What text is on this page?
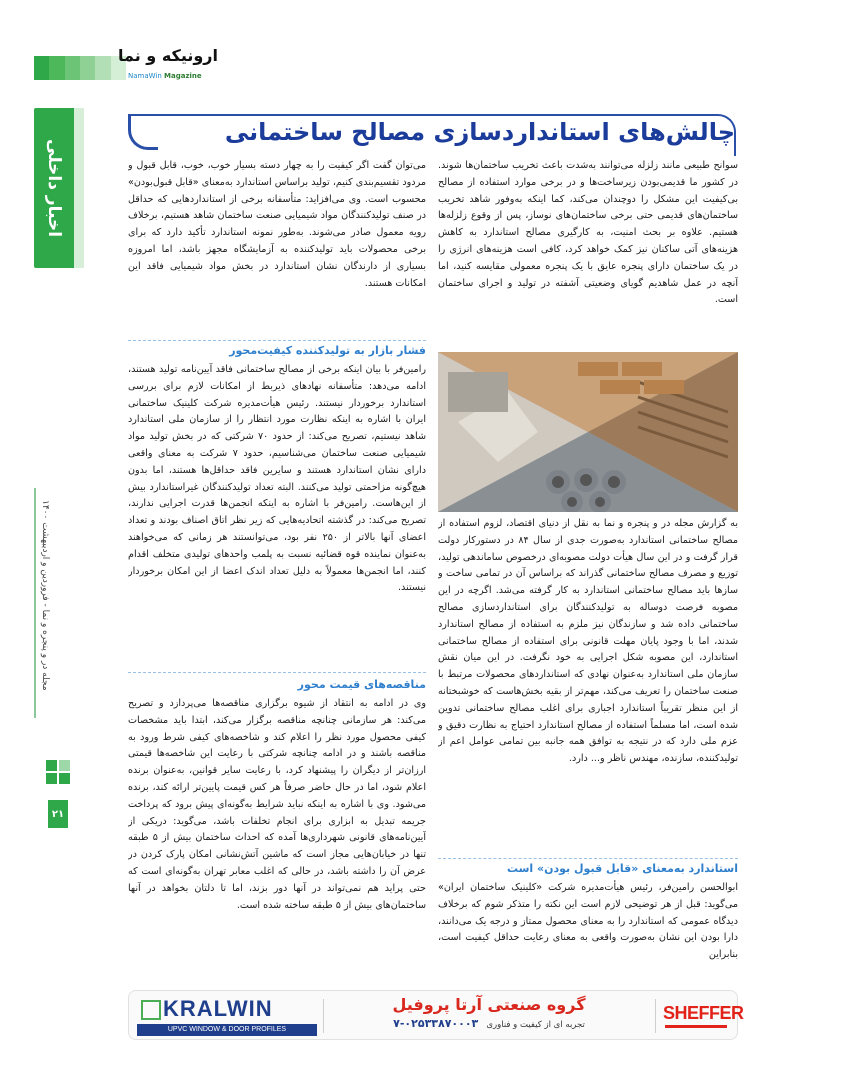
ارونیکه و نما
NamaWin Magazine
اخبار داخلی
مجله در و پنجره و نما - فروردین و اردیبهشت ۱۴۰۰
۲۱
چالش‌های استانداردسازی مصالح ساختمانی

سوانح طبیعی مانند زلزله می‌توانند به‌شدت باعث تخریب ساختمان‌ها شوند. در کشور ما قدیمی‌بودن زیرساخت‌ها و در برخی موارد استفاده از مصالح بی‌کیفیت این مشکل را دوچندان می‌کند، کما اینکه به‌وفور شاهد تخریب ساختمان‌های قدیمی حتی برخی ساختمان‌های نوساز، پس از وقوع زلزله‌ها هستیم. علاوه بر بحث امنیت، به کارگیری مصالح استاندارد به کاهش هزینه‌های آتی ساکنان نیز کمک خواهد کرد، کافی است هزینه‌های انرژی را در یک ساختمان دارای پنجره عایق با یک پنجره معمولی مقایسه کنید، اما آنچه در عمل شاهدیم گویای وضعیتی آشفته در تولید و اجرای ساختمان است.

به گزارش مجله در و پنجره و نما به نقل از دنیای اقتصاد، لزوم استفاده از مصالح ساختمانی استاندارد به‌صورت جدی از سال ۸۴ در دستورکار دولت قرار گرفت و در این سال هیأت دولت مصوبه‌ای درخصوص ساماندهی تولید، توزیع و مصرف مصالح ساختمانی گذراند که براساس آن در تمامی ساخت و سازها باید مصالح ساختمانی استاندارد به کار گرفته می‌شد. اگرچه در این مصوبه فرصت دوساله به تولیدکنندگان برای استانداردسازی مصالح ساختمانی داده شد و سازندگان نیز ملزم به استفاده از مصالح استاندارد شدند، اما با وجود پایان مهلت قانونی برای استفاده از مصالح ساختمانی استاندارد، این مصوبه شکل اجرایی به خود نگرفت. در این میان نقش سازمان ملی استاندارد به‌عنوان نهادی که استانداردهای محصولات مرتبط با صنعت ساختمان را تعریف می‌کند، مهم‌تر از بقیه بخش‌هاست که خوشبختانه از این منظر تقریباً استاندارد اجباری برای اغلب مصالح ساختمانی تدوین شده است، اما مسلماً استفاده از مصالح استاندارد احتیاج به نظارت دقیق و عزم ملی دارد که در نتیجه به توافق همه جانبه بین تمامی عوامل اعم از تولیدکننده، سازنده، مهندس ناظر و... دارد.

استاندارد به‌معنای «قابل قبول بودن» است

ابوالحسن رامین‌فر، رئیس هیأت‌مدیره شرکت «کلینیک ساختمان ایران» می‌گوید: قبل از هر توضیحی لازم است این نکته را متذکر شوم که برخلاف دیدگاه عمومی که استاندارد را به معنای محصول ممتاز و درجه یک می‌دانند، دارا بودن این نشان به‌صورت واقعی به معنای رعایت حداقل کیفیت است، بنابراین

می‌توان گفت اگر کیفیت را به چهار دسته بسیار خوب، خوب، قابل قبول و مردود تقسیم‌بندی کنیم، تولید براساس استاندارد به‌معنای «قابل قبول‌بودن» محسوب است. وی می‌افزاید: متأسفانه برخی از استانداردهایی که حداقل در صنف تولیدکنندگان مواد شیمیایی صنعت ساختمان شاهد هستیم، برخلاف رویه معمول صادر می‌شوند. به‌طور نمونه استاندارد تأکید دارد که برای برخی محصولات باید تولیدکننده به آزمایشگاه مجهز باشد، اما امروزه بسیاری از دارندگان نشان استاندارد در بخش مواد شیمیایی فاقد این امکانات هستند.

فشار بازار به تولیدکننده کیفیت‌محور

رامین‌فر با بیان اینکه برخی از مصالح ساختمانی فاقد آیین‌نامه تولید هستند، ادامه می‌دهد: متأسفانه نهادهای ذیربط از امکانات لازم برای بررسی استاندارد برخوردار نیستند. رئیس هیأت‌مدیره شرکت کلینیک ساختمانی ایران با اشاره به اینکه نظارت مورد انتظار را از سازمان ملی استاندارد شاهد نیستیم، تصریح می‌کند: از حدود ۷۰ شرکتی که در بخش تولید مواد شیمیایی صنعت ساختمان می‌شناسیم، حدود ۷ شرکت به معنای واقعی دارای نشان استاندارد هستند و سایرین فاقد حداقل‌ها هستند، اما بدون هیچ‌گونه مزاحمتی تولید می‌کنند. البته تعداد تولیدکنندگان غیراستاندارد بیش از این‌هاست. رامین‌فر با اشاره به اینکه انجمن‌ها قدرت اجرایی ندارند، تصریح می‌کند: در گذشته اتحادیه‌هایی که زیر نظر اتاق اصناف بودند و تعداد اعضای آنها بالاتر از ۲۵۰ نفر بود، می‌توانستند هر زمانی که می‌خواهند به‌عنوان نماینده قوه قضائیه نسبت به پلمب واحدهای تولیدی متخلف اقدام کنند، اما انجمن‌ها معمولاً به دلیل تعداد اندک اعضا از این امکان برخوردار نیستند.

مناقصه‌های قیمت محور

وی در ادامه به انتقاد از شیوه برگزاری مناقصه‌ها می‌پردازد و تصریح می‌کند: هر سازمانی چنانچه مناقصه برگزار می‌کند، ابتدا باید مشخصات کیفی محصول مورد نظر را اعلام کند و شاخصه‌های کیفی شرط ورود به مناقصه باشند و در ادامه چنانچه شرکتی با رعایت این شاخصه‌ها قیمتی ارزان‌تر از دیگران را پیشنهاد کرد، با رعایت سایر قوانین، به‌عنوان برنده اعلام شود، اما در حال حاضر صرفاً هر کس قیمت پایین‌تر ارائه کند، برنده می‌شود. وی با اشاره به اینکه نباید شرایط به‌گونه‌ای پیش برود که پرداخت جریمه تبدیل به ابزاری برای انجام تخلفات باشد، می‌گوید: دریکی از آیین‌نامه‌های قانونی شهرداری‌ها آمده که احداث ساختمان بیش از ۵ طبقه تنها در خیابان‌هایی مجاز است که ماشین آتش‌نشانی امکان پارک کردن در عرض آن را داشته باشد، در حالی که اغلب معابر تهران به‌گونه‌ای است که حتی پراید هم نمی‌تواند در آنها دور بزند، اما تا دلتان بخواهد در آنها ساختمان‌های بیش از ۵ طبقه ساخته شده است.

KRALWIN
UPVC WINDOW & DOOR PROFILES
گروه صنعتی آرتا پروفیل
تجربه ای از کیفیت و فناوری   ۰۲۵۳۳۸۷۰۰۰۳-۷
SHEFFER
